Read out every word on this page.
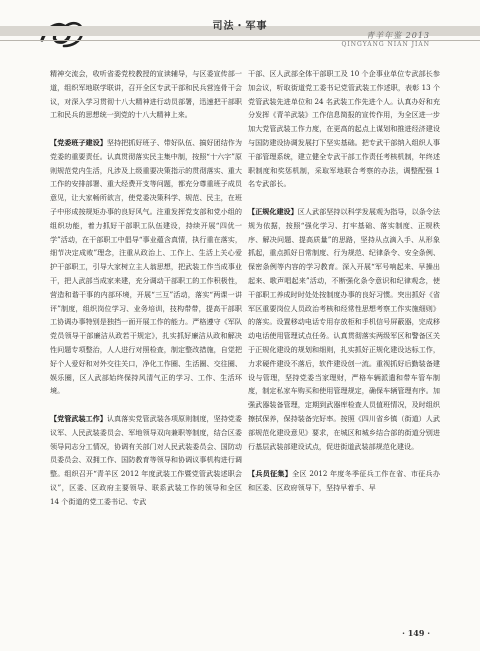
司法・军事
青羊年鉴 2013
QINGYANG NIAN JIAN

精神交流会，收听省委党校教授的宣读辅导，与区委宣传部一道，组织军地联学联讲，召开全区专武干部和民兵营连骨干会议，对深入学习贯彻十八大精神进行动员部署，迅速把干部职工和民兵的思想统一到党的十八大精神上来。

【党委班子建设】坚持把抓好班子、带好队伍、搞好团结作为党委的重要责任。认真贯彻落实民主集中制，按照“十六字”原则规范党内生活，凡涉及上级重要决策指示的贯彻落实、重大工作的安排部署、重大经费开支等问题，都充分尊重班子成员意见，让大家畅所欲言，使党委决策科学、规范、民主，在班子中形成按规矩办事的良好风气。注重发挥党支部和党小组的组织功能，着力抓好干部职工队伍建设，持续开展“四优一学”活动，在干部职工中倡导“事业蕴含真情，执行重在落实，细节决定成败”理念，注重从政治上、工作上、生活上关心爱护干部职工，引导大家树立主人翁思想，把武装工作当成事业干，把人武部当成家来建，充分调动干部职工的工作积极性，营造和谐干事的内部环境，开展“三互”活动，落实“两课一讲评”制度，组织岗位学习、业务培训，技构带带，提高干部职工协调办事特别是独挡一面开展工作的能力。严格遵守《军队党员领导干部廉洁从政若干规定》，扎实抓好廉洁从政和解决性问题专项整治，人人进行对照检查，制定整改措施，自觉把好个人爱好和对外交往关口，净化工作圈、生活圈、交往圈、娱乐圈，区人武部始终保持风清气正的学习、工作、生活环境。

【党管武装工作】认真落实党管武装各项原则制度，坚持党委议军、人民武装委员会、军地领导双向兼职等制度，结合区委领导同志分工情况，协调有关部门对人民武装委员会、国防动员委员会、双拥工作、国防教育等领导和协调议事机构进行调整。组织召开“青羊区 2012 年度武装工作暨党管武装述职会议”，区委、区政府主要领导、联系武装工作的领导和全区 14 个街道的党工委书记、专武

干部、区人武部全体干部职工及 10 个企事业单位专武部长参加会议，听取街道党工委书记党管武装工作述职，表彰 13 个党管武装先进单位和 24 名武装工作先进个人。认真办好和充分发挥《青羊武装》工作信息简报的宣传作用，为全区进一步加大党管武装工作力度，在更高的起点上谋划和推进经济建设与国防建设协调发展打下坚实基础。把专武干部纳入组织人事干部管理系统，建立健全专武干部工作责任考核机制，年终述职制度和奖惩机制，采取军地联合考察的办法，调整配强 1 名专武部长。

【正规化建设】区人武部坚持以科学发展观为指导，以条令法规为依据，按照“强化学习、打牢基础、落实制度、正规秩序、解决问题、提高质量”的思路，坚持从点滴入手、从形象抓起，重点抓好日常制度、行为规范、纪律条令、安全条例、保密条例等内容的学习教育。深入开展“军号响起来、早操出起来、歌声唱起来”活动，不断强化条令意识和纪律观念，使干部职工养成时时处处按制度办事的良好习惯。突出抓好《省军区重要岗位人员政治考核和经常性思想考察工作实施细则》的落实。设置移动电话专用存放柜和手机信号屏蔽器，完成移动电话使用管理试点任务。认真贯彻落实两级军区和警备区关于正规化建设的规划和细则，扎实抓好正规化建设达标工作，力求硬件建设不落后，软件建设创一流。重视抓好后勤装备建设与管理，坚持党委当家理财，严格车辆派遣和带车管车制度，制定私家车购买和使用管理规定，确保车辆管理有序。加强武器装备管理，定期到武器库检查人员值班情况，及时组织擦拭保养，保持装备完好率。按照《四川省乡镇（街道）人武部规范化建设意见》要求，在城区和城乡结合部的街道分别进行基层武装部建设试点，促进街道武装部规范化建设。

【兵员征集】全区 2012 年度冬季征兵工作在省、市征兵办和区委、区政府领导下，坚持早着手、早

· 149 ·
